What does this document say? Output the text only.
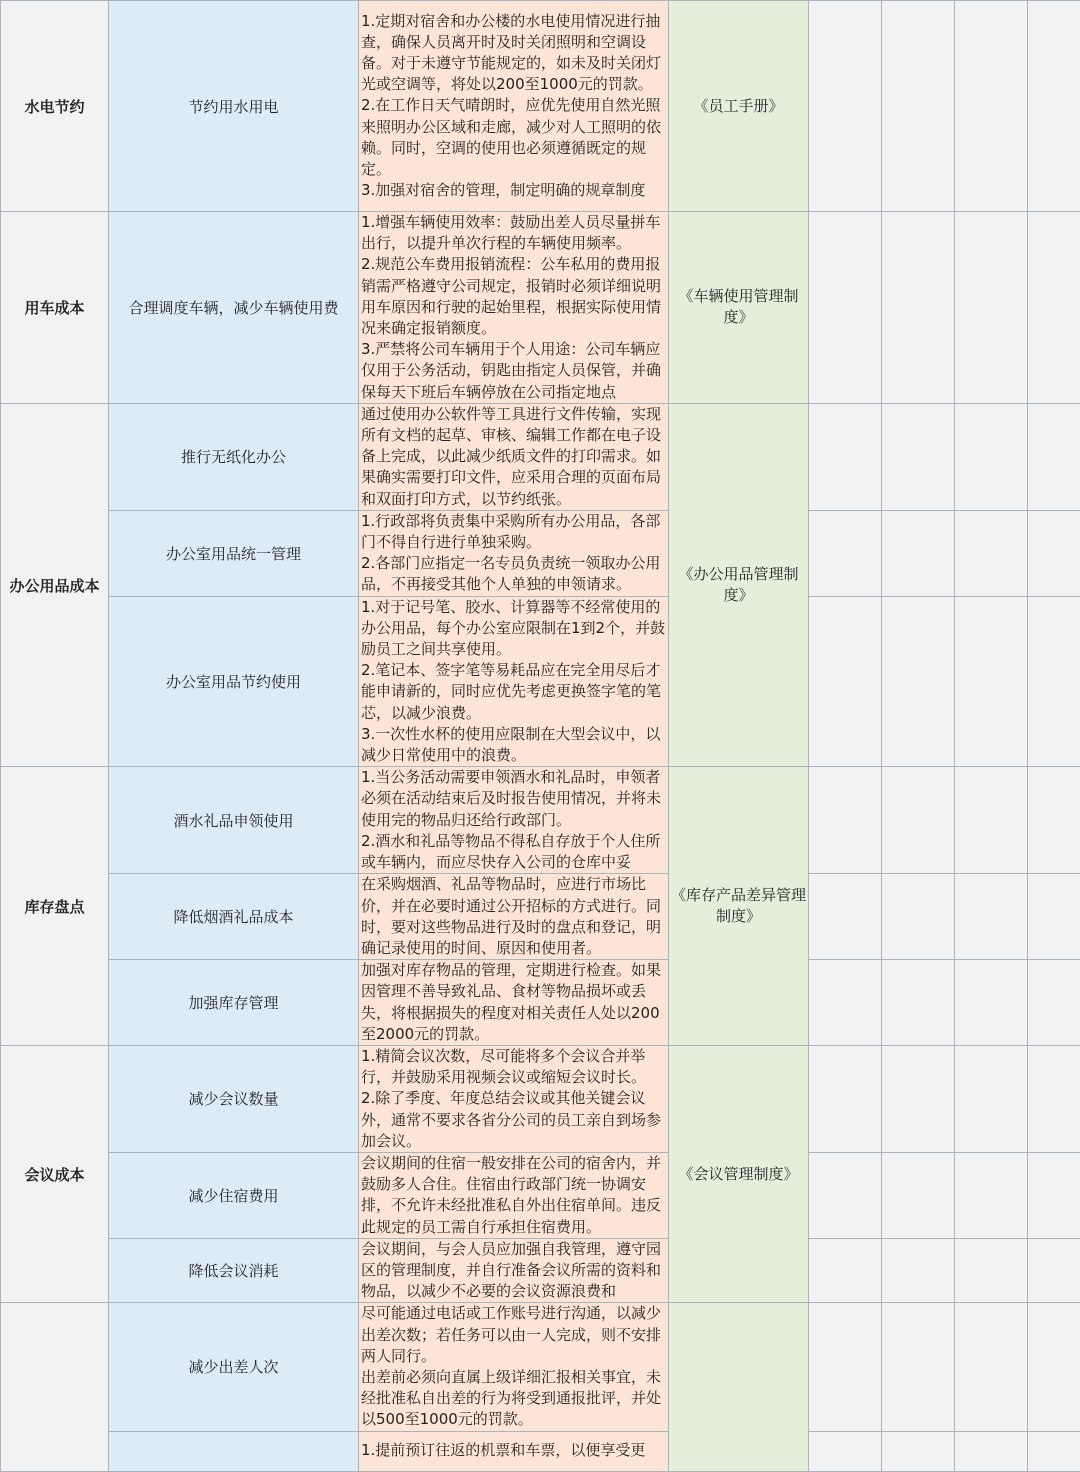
水电节约	节约用水用电	1.定期对宿舍和办公楼的水电使用情况进行抽查，确保人员离开时及时关闭照明和空调设备。对于未遵守节能规定的，如未及时关闭灯光或空调等，将处以200至1000元的罚款。
2.在工作日天气晴朗时，应优先使用自然光照来照明办公区域和走廊，减少对人工照明的依赖。同时，空调的使用也必须遵循既定的规定。
3.加强对宿舍的管理，制定明确的规章制度	《员工手册》				
用车成本	合理调度车辆，减少车辆使用费	1.增强车辆使用效率：鼓励出差人员尽量拼车出行，以提升单次行程的车辆使用频率。
2.规范公车费用报销流程：公车私用的费用报销需严格遵守公司规定，报销时必须详细说明用车原因和行驶的起始里程，根据实际使用情况来确定报销额度。
3.严禁将公司车辆用于个人用途：公司车辆应仅用于公务活动，钥匙由指定人员保管，并确保每天下班后车辆停放在公司指定地点	《车辆使用管理制度》				
办公用品成本	推行无纸化办公	通过使用办公软件等工具进行文件传输，实现所有文档的起草、审核、编辑工作都在电子设备上完成，以此减少纸质文件的打印需求。如果确实需要打印文件，应采用合理的页面布局和双面打印方式，以节约纸张。	《办公用品管理制度》				
	办公室用品统一管理	1.行政部将负责集中采购所有办公用品，各部门不得自行进行单独采购。
2.各部门应指定一名专员负责统一领取办公用品，不再接受其他个人单独的申领请求。					
	办公室用品节约使用	1.对于记号笔、胶水、计算器等不经常使用的办公用品，每个办公室应限制在1到2个，并鼓励员工之间共享使用。
2.笔记本、签字笔等易耗品应在完全用尽后才能申请新的，同时应优先考虑更换签字笔的笔芯，以减少浪费。
3.一次性水杯的使用应限制在大型会议中，以减少日常使用中的浪费。					
库存盘点	酒水礼品申领使用	1.当公务活动需要申领酒水和礼品时，申领者必须在活动结束后及时报告使用情况，并将未使用完的物品归还给行政部门。
2.酒水和礼品等物品不得私自存放于个人住所或车辆内，而应尽快存入公司的仓库中妥	《库存产品差异管理制度》				
	降低烟酒礼品成本	在采购烟酒、礼品等物品时，应进行市场比价，并在必要时通过公开招标的方式进行。同时，要对这些物品进行及时的盘点和登记，明确记录使用的时间、原因和使用者。					
	加强库存管理	加强对库存物品的管理，定期进行检查。如果因管理不善导致礼品、食材等物品损坏或丢失，将根据损失的程度对相关责任人处以200至2000元的罚款。					
会议成本	减少会议数量	1.精简会议次数，尽可能将多个会议合并举行，并鼓励采用视频会议或缩短会议时长。
2.除了季度、年度总结会议或其他关键会议外，通常不要求各省分公司的员工亲自到场参加会议。	《会议管理制度》				
	减少住宿费用	会议期间的住宿一般安排在公司的宿舍内，并鼓励多人合住。住宿由行政部门统一协调安排，不允许未经批准私自外出住宿单间。违反此规定的员工需自行承担住宿费用。					
	降低会议消耗	会议期间，与会人员应加强自我管理，遵守园区的管理制度，并自行准备会议所需的资料和物品，以减少不必要的会议资源浪费和					
	减少出差人次	尽可能通过电话或工作账号进行沟通，以减少出差次数；若任务可以由一人完成，则不安排两人同行。
出差前必须向直属上级详细汇报相关事宜，未经批准私自出差的行为将受到通报批评，并处以500至1000元的罚款。					
		1.提前预订往返的机票和车票，以便享受更					
